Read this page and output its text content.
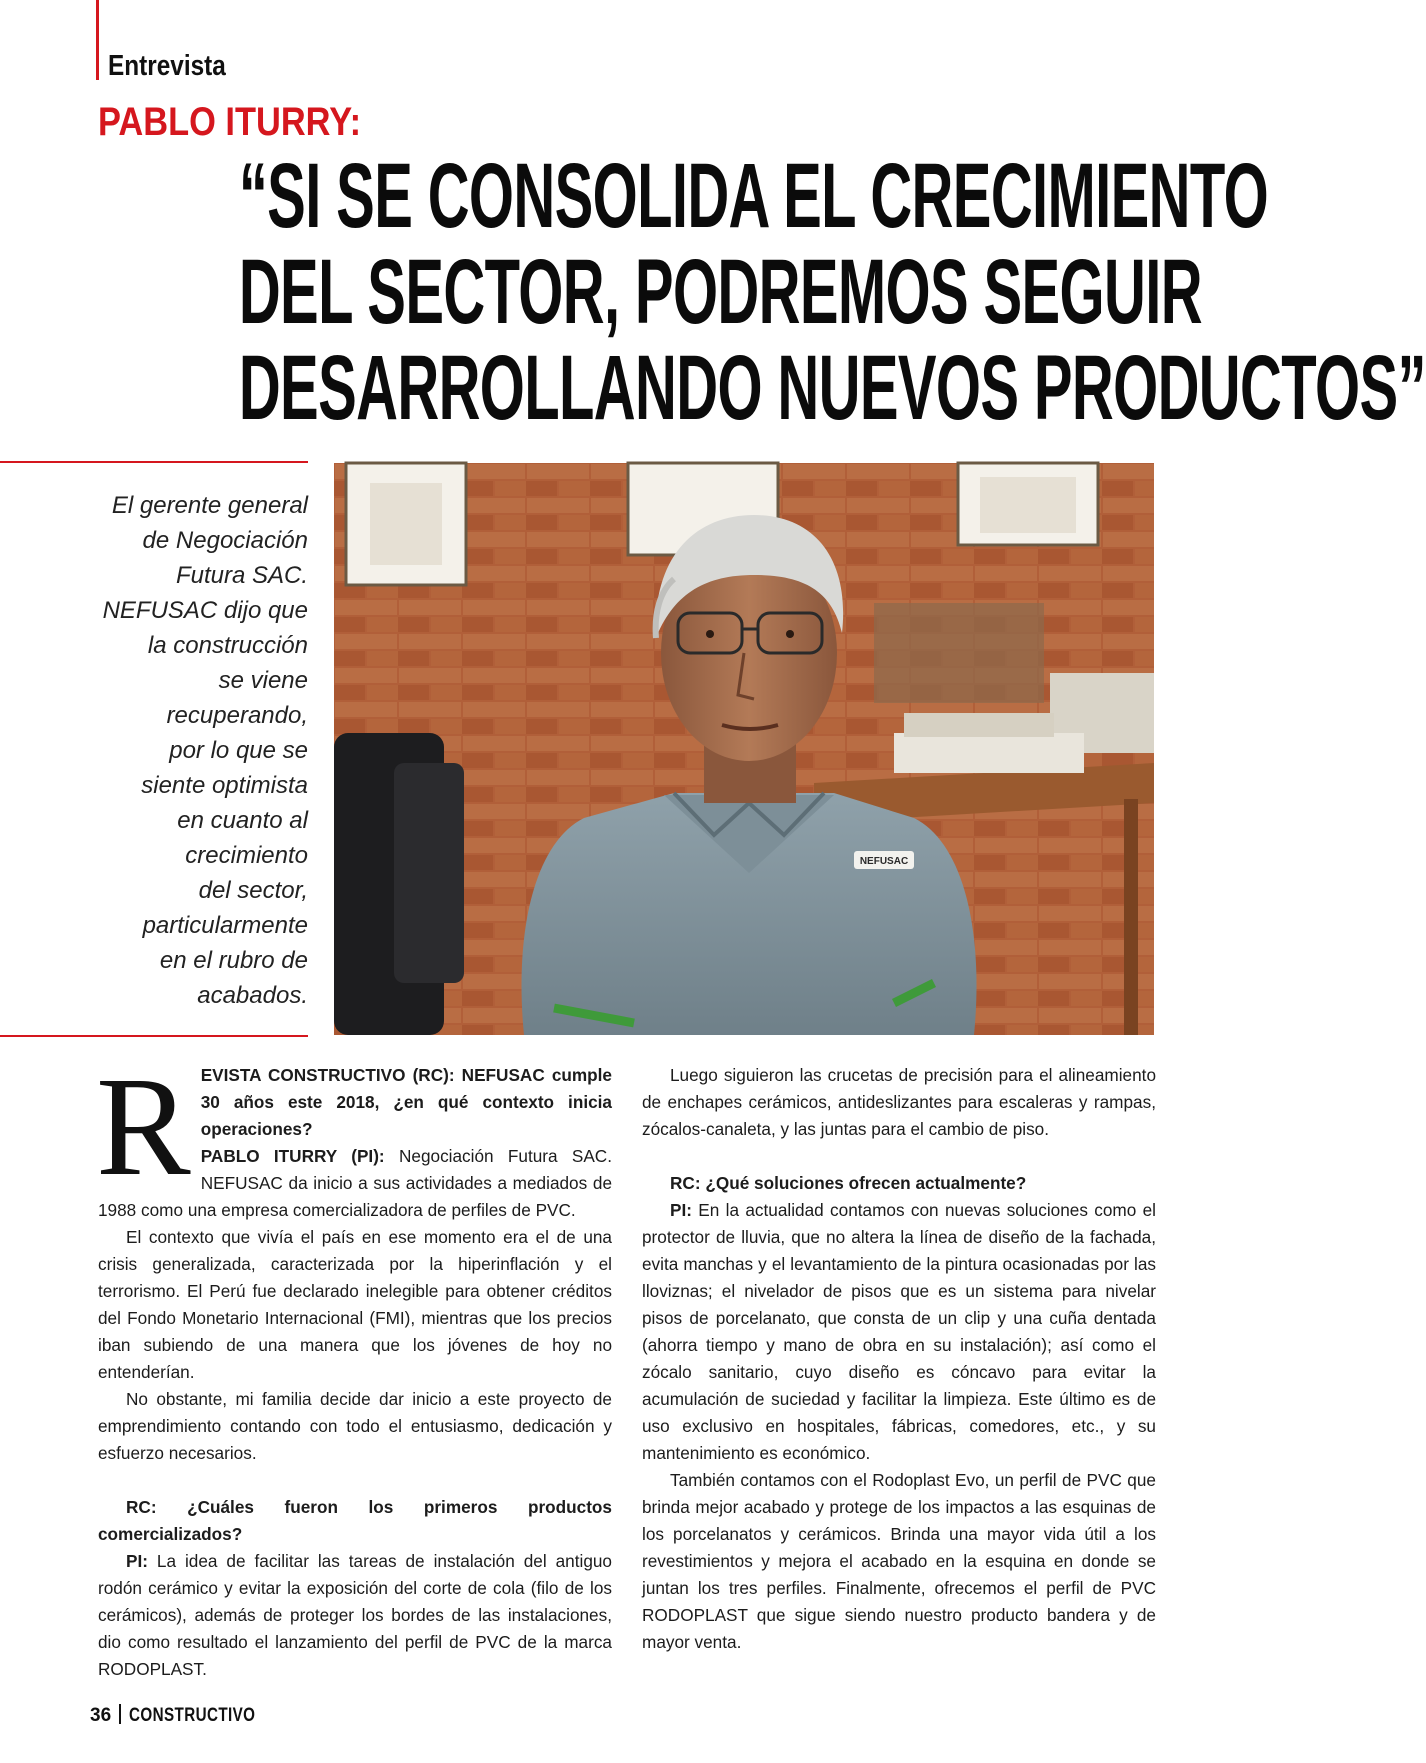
Entrevista
PABLO ITURRY:
“SI SE CONSOLIDA EL CRECIMIENTO
DEL SECTOR, PODREMOS SEGUIR
DESARROLLANDO NUEVOS PRODUCTOS”
El gerente general
de Negociación
Futura SAC.
NEFUSAC dijo que
la construcción
se viene
recuperando,
por lo que se
siente optimista
en cuanto al
crecimiento
del sector,
particularmente
en el rubro de
acabados.
NEFUSAC

R EVISTA CONSTRUCTIVO (RC): NEFUSAC cumple 30 años este 2018, ¿en qué contexto inicia operaciones?
PABLO ITURRY (PI): Negociación Futura SAC. NEFUSAC da inicio a sus actividades a mediados de 1988 como una empresa comercializadora de perfiles de PVC.

El contexto que vivía el país en ese momento era el de una crisis generalizada, caracterizada por la hiperinflación y el terrorismo. El Perú fue declarado inelegible para obtener créditos del Fondo Monetario Internacional (FMI), mientras que los precios iban subiendo de una manera que los jóvenes de hoy no entenderían.

No obstante, mi familia decide dar inicio a este proyecto de emprendimiento contando con todo el entusiasmo, dedicación y esfuerzo necesarios.

RC: ¿Cuáles fueron los primeros productos comercializados?

PI: La idea de facilitar las tareas de instalación del antiguo rodón cerámico y evitar la exposición del corte de cola (filo de los cerámicos), además de proteger los bordes de las instalaciones, dio como resultado el lanzamiento del perfil de PVC de la marca RODOPLAST.

Luego siguieron las crucetas de precisión para el alineamiento de enchapes cerámicos, antideslizantes para escaleras y rampas, zócalos-canaleta, y las juntas para el cambio de piso.

RC: ¿Qué soluciones ofrecen actualmente?

PI: En la actualidad contamos con nuevas soluciones como el protector de lluvia, que no altera la línea de diseño de la fachada, evita manchas y el levantamiento de la pintura ocasionadas por las lloviznas; el nivelador de pisos que es un sistema para nivelar pisos de porcelanato, que consta de un clip y una cuña dentada (ahorra tiempo y mano de obra en su instalación); así como el zócalo sanitario, cuyo diseño es cóncavo para evitar la acumulación de suciedad y facilitar la limpieza. Este último es de uso exclusivo en hospitales, fábricas, comedores, etc., y su mantenimiento es económico.

También contamos con el Rodoplast Evo, un perfil de PVC que brinda mejor acabado y protege de los impactos a las esquinas de los porcelanatos y cerámicos. Brinda una mayor vida útil a los revestimientos y mejora el acabado en la esquina en donde se juntan los tres perfiles. Finalmente, ofrecemos el perfil de PVC RODOPLAST que sigue siendo nuestro producto bandera y de mayor venta.

36 CONSTRUCTIVO
